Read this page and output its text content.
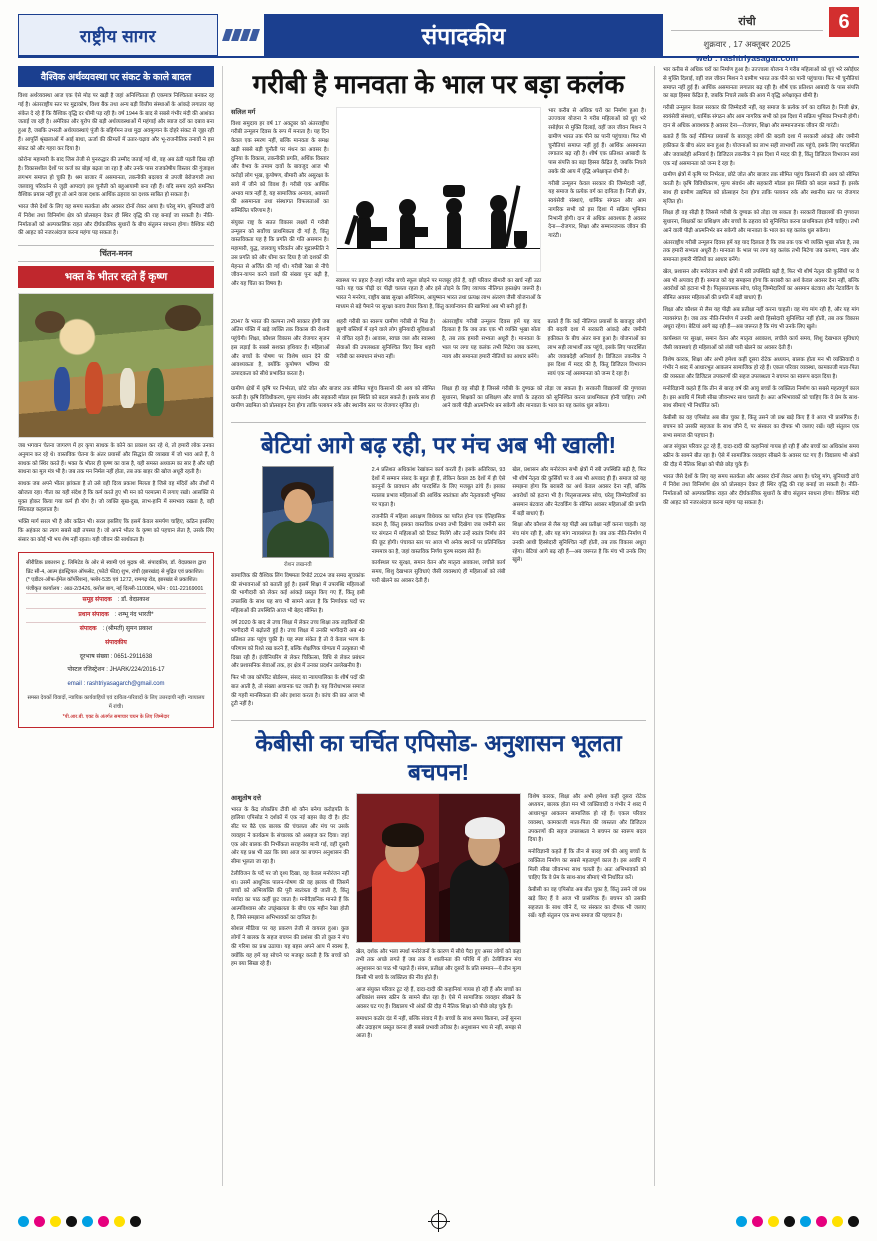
राष्ट्रीय सागर	संपादकीय
रांची	6
शुक्रवार , 17 अक्तूबर 2025
web : rashtriyasagar.com
वैश्विक अर्थव्यवस्था पर संकट के काले बादल

विश्व अर्थव्यवस्था आज एक ऐसे मोड़ पर खड़ी है जहां अनिश्चितता ही एकमात्र निश्चितता बनकर रह गई है। अंतरराष्ट्रीय स्तर पर मुद्राकोष, विश्व बैंक तथा अन्य बड़ी वित्तीय संस्थाओं के आंकड़े लगातार यह संकेत दे रहे हैं कि वैश्विक वृद्धि दर धीमी पड़ रही है। वर्ष 1944 के बाद से सबसे गंभीर मंदी की आशंका जताई जा रही है। अमेरिका और यूरोप की बड़ी अर्थव्यवस्थाओं में महंगाई और ब्याज दरों का दबाव बना हुआ है, जबकि उभरती अर्थव्यवस्थाएं पूंजी के बहिर्गमन तथा मुद्रा अवमूल्यन के दोहरे संकट से जूझ रही हैं। आपूर्ति श्रृंखलाओं में आई बाधा, ऊर्जा की कीमतों में उतार-चढ़ाव और भू-राजनीतिक तनावों ने इस संकट को और गहरा कर दिया है।

कोरोना महामारी के बाद जिस तेजी से पुनरुद्धार की उम्मीद जताई गई थी, वह अब ठंडी पड़ती दिख रही है। विकासशील देशों पर कर्ज का बोझ बढ़ता जा रहा है और उनके पास राजकोषीय विस्तार की गुंजाइश लगभग समाप्त हो चुकी है। श्रम बाजार में असमानता, तकनीकी बदलाव से उपजी बेरोजगारी तथा जलवायु परिवर्तन से जुड़ी आपदाएं इस चुनौती को बहुआयामी बना रही हैं। यदि समय रहते समन्वित वैश्विक प्रयास नहीं हुए तो आने वाला दशक आर्थिक ठहराव का दशक साबित हो सकता है।

भारत जैसे देशों के लिए यह समय सतर्कता और अवसर दोनों लेकर आया है। घरेलू मांग, बुनियादी ढांचे में निवेश तथा विनिर्माण क्षेत्र को प्रोत्साहन देकर ही स्थिर वृद्धि की राह बनाई जा सकती है। नीति-निर्माताओं को अल्पकालिक राहत और दीर्घकालिक सुधारों के बीच संतुलन साधना होगा। वैश्विक मंदी की आहट को नजरअंदाज करना महंगा पड़ सकता है।

चिंतन-मनन
भक्त के भीतर रहते हैं कृष्ण

जब भगवान चेतना जागरण में हर कृपा साधक के कोने का प्रकाश कर रहे थे, तो हमारी लोक उनका अनुमान कर रहे थे। वास्तविक चेतना के अंतर प्रयासों और सिद्धांत की व्याख्या में जो भाव आते हैं, वे साधक को स्थिर करते हैं। भक्त के भीतर ही कृष्ण का वास है, यही समस्त अध्यात्म का सार है और यही साधना का मूल मंत्र भी है। जब तक मन निर्मल नहीं होता, तब तक बाहर की खोज अधूरी रहती है।

साधक जब अपने भीतर झांकता है तो उसे वही दिव्य प्रकाश मिलता है जिसे वह मंदिरों और तीर्थों में खोजता रहा। गीता का यही संदेश है कि कर्म करते हुए भी मन को परमात्मा में लगाए रखो। आसक्ति से मुक्त होकर किया गया कर्म ही योग है। जो व्यक्ति सुख-दुख, लाभ-हानि में समभाव रखता है, वही स्थितप्रज्ञ कहलाता है।

भक्ति मार्ग सरल भी है और कठिन भी। सरल इसलिए कि इसमें केवल समर्पण चाहिए, कठिन इसलिए कि अहंकार का त्याग सबसे बड़ी तपस्या है। जो अपने भीतर के कृष्ण को पहचान लेता है, उसके लिए संसार का कोई भी भय शेष नहीं रहता। यही जीवन की सार्थकता है।

सीरीडिक प्रकाशन ट्र. लिमिटेड के ओर से स्वामी एवं मुद्रक श्री. संपादकीय, डॉ. वेदप्रकाश द्वारा प्रिंट सी-4, आत्म इंडस्ट्रियल ऑफसेट, (फोटो फीड) शुभ, रांची (झारखंड) से मुद्रित एवं प्रकाशित।
(* एडीटर-ऑफ-ईमेल कॉर्पोरेशन), फ्लोर-535 एवं 1272, रामगढ़ रोड, झारखंड से प्रकाशित।
पंजीकृत कार्यालय : आठ-2/3426, करोल बाग, नई दिल्ली-110084, फोन : 011-22169001
समूह संपादक : डॉ. वेदप्रकाश
प्रधान संपादक : शम्भू नंद भारती*
संपादक : (श्रीमती) सुमन प्रकाश
संपादकीय
दूरभाष संख्या : 0651-2911638
पोस्टल रजिस्ट्रेशन : JHARK/224/2016-17
email : rashtriyasagarch@gmail.com
समस्त देयकों विवादों, न्यायिक कार्यवाहियों एवं दायित्व-परिवादों के लिए उत्तरदायी नहीं। न्यायालय में रांची।
*पी.आर.बी. एक्ट के अंतर्गत समाचार चयन के लिए जिम्मेदार
गरीबी है मानवता के भाल पर बड़ा कलंक
सलिल मर्ग

विश्व समुदाय हर वर्ष 17 अक्टूबर को अंतरराष्ट्रीय गरीबी उन्मूलन दिवस के रूप में मनाता है। यह दिन केवल एक स्मरण नहीं, बल्कि मानवता के समक्ष खड़ी सबसे बड़ी चुनौती पर मंथन का अवसर है। दुनिया के विकास, तकनीकी प्रगति, अर्थिक विस्तार और वैभव के तमाम दावों के बावजूद आज भी करोड़ों लोग भूख, कुपोषण, बीमारी और असुरक्षा के साये में जीने को विवश हैं। गरीबी एक आर्थिक अभाव मात्र नहीं है, यह सामाजिक अन्याय, अवसरों की असमानता तथा संस्थागत विफलताओं का सम्मिलित परिणाम है।

संयुक्त राष्ट्र के सतत विकास लक्ष्यों में गरीबी उन्मूलन को सर्वोच्च प्राथमिकता दी गई है, किंतु वास्तविकता यह है कि प्रगति की गति असमान है। महामारी, युद्ध, जलवायु परिवर्तन और मुद्रास्फीति ने उस प्रगति को और धीमा कर दिया है जो दशकों की मेहनत से अर्जित की गई थी। गरीबी रेखा से नीचे जीवन-यापन करने वालों की संख्या पुनः बढ़ी है, और यह चिंता का विषय है।

स्वास्थ्य पर प्रहार है-जहां गरीब बच्चे स्कूल छोड़ने पर मजबूर होते हैं, वहीं परिवार बीमारी का खर्च नहीं उठा पाते। यह चक्र पीढ़ी दर पीढ़ी चलता रहता है और इसे तोड़ने के लिए व्यापक नीतिगत हस्तक्षेप जरूरी है। भारत ने मनरेगा, राष्ट्रीय खाद्य सुरक्षा अधिनियम, आयुष्मान भारत तथा प्रत्यक्ष लाभ अंतरण जैसी योजनाओं के माध्यम से बड़े पैमाने पर सुरक्षा कवच तैयार किया है, किंतु कार्यान्वयन की खामियां अब भी बनी हुई हैं।

भार करीब से अधिक घरों का निर्माण हुआ है। उज्ज्वला योजना ने गरीब महिलाओं को धुएं भरे रसोईघर से मुक्ति दिलाई, वहीं जल जीवन मिशन ने ग्रामीण भारत तक पीने का पानी पहुंचाया। फिर भी चुनौतियां समाप्त नहीं हुई हैं। आर्थिक असमानता लगातार बढ़ रही है। शीर्ष एक प्रतिशत आबादी के पास संपत्ति का बड़ा हिस्सा केंद्रित है, जबकि निचले तबके की आय में वृद्धि अपेक्षाकृत धीमी है।

गरीबी उन्मूलन केवल सरकार की जिम्मेदारी नहीं, यह समाज के प्रत्येक वर्ग का दायित्व है। निजी क्षेत्र, स्वयंसेवी संस्थाएं, धार्मिक संगठन और आम नागरिक सभी को इस दिशा में सक्रिय भूमिका निभानी होगी। दान से अधिक आवश्यक है अवसर देना—रोजगार, शिक्षा और सम्मानजनक जीवन की गारंटी।

2047 के भारत की कल्पना तभी साकार होगी जब अंतिम पंक्ति में खड़े व्यक्ति तक विकास की रोशनी पहुंचेगी। शिक्षा, कौशल विकास और रोजगार सृजन इस लड़ाई के सबसे सशक्त हथियार हैं। महिलाओं और बच्चों के पोषण पर विशेष ध्यान देने की आवश्यकता है, क्योंकि कुपोषण भविष्य की उत्पादकता को सीधे प्रभावित करता है।

शहरी गरीबी का स्वरूप ग्रामीण गरीबी से भिन्न है। झुग्गी बस्तियों में रहने वाले लोग बुनियादी सुविधाओं से वंचित रहते हैं। आवास, स्वच्छ जल और स्वास्थ्य सेवाओं की उपलब्धता सुनिश्चित किए बिना शहरी गरीबी का समाधान संभव नहीं।

अंतरराष्ट्रीय गरीबी उन्मूलन दिवस हमें यह याद दिलाता है कि जब तक एक भी व्यक्ति भूखा सोता है, तब तक हमारी सभ्यता अधूरी है। मानवता के भाल पर लगा यह कलंक तभी मिटेगा जब करुणा, न्याय और समानता हमारी नीतियों का आधार बनेंगे।

बताते हैं कि कई नीतिगत प्रयासों के बावजूद लोगों की बदली दशा में सरकारी आंकड़े और जमीनी हकीकत के बीच अंतर बना हुआ है। योजनाओं का लाभ सही लाभार्थी तक पहुंचे, इसके लिए पारदर्शिता और जवाबदेही अनिवार्य है। डिजिटल तकनीक ने इस दिशा में मदद की है, किंतु डिजिटल विभाजन स्वयं एक नई असमानता को जन्म दे रहा है।

ग्रामीण क्षेत्रों में कृषि पर निर्भरता, छोटे जोत और बाजार तक सीमित पहुंच किसानों की आय को सीमित करती है। कृषि विविधीकरण, मूल्य संवर्धन और सहकारी मॉडल इस स्थिति को बदल सकते हैं। इसके साथ ही ग्रामीण उद्यमिता को प्रोत्साहन देना होगा ताकि पलायन रुके और स्थानीय स्तर पर रोजगार सृजित हो।

शिक्षा ही वह सीढ़ी है जिससे गरीबी के दुष्चक्र को तोड़ा जा सकता है। सरकारी विद्यालयों की गुणवत्ता सुधारना, शिक्षकों का प्रशिक्षण और बच्चों के ठहराव को सुनिश्चित करना प्राथमिकता होनी चाहिए। तभी आने वाली पीढ़ी आत्मनिर्भर बन सकेगी और मानवता के भाल का यह कलंक धुल सकेगा।

बेटियां आगे बढ़ रही, पर मंच अब भी खाली!
रोशन लखनवी

सामाजिक की वैश्विक लिंग विषमता रिपोर्ट 2024 जब समग्र सूचकांक की संभावनाओं को बताती हुई है। इसमें शिक्षा में उपलब्धि महिलाओं की भागीदारी को लेकर कई आंकड़े प्रस्तुत किए गए हैं, किंतु इसी उपलब्धि के साथ यह सच भी सामने आता है कि निर्णायक पदों पर महिलाओं की उपस्थिति आज भी बेहद सीमित है।

वर्ष 2020 के बाद से उच्च शिक्षा में लेकर उच्च शिक्षा तक लड़कियों की भागीदारी में बढ़ोतरी हुई है। उच्च शिक्षा में उनकी भागीदारी अब 49 प्रतिशत तक पहुंच चुकी है। यह स्पष्ट संकेत है तो वे केवल भरण के परिणाम को रिश्ते रख करने हैं, बल्कि शैक्षणिक योग्यता में उत्कृष्टता भी दिखा रही हैं। इंजीनियरिंग से लेकर चिकित्सा, विधि से लेकर प्रबंधन और प्रशासनिक सेवाओं तक, हर क्षेत्र में उनका प्रदर्शन उल्लेखनीय है।

फिर भी जब कॉर्पोरेट बोर्डरूम, संसद या न्यायपालिका के शीर्ष पदों की बात आती है, तो संख्या अचानक घट जाती है। यह विरोधाभास समाज की गहरी मानसिकता की ओर इशारा करता है। कांच की छत आज भी टूटी नहीं है।

2.4 प्रतिशत अधिकांश रेखांकन कार्य करती हैं। इसके अतिरिक्त, 93 देशों में सम्मान संसद के बहुत ही हैं, लेकिन केवल 35 देशों में ही ऐसे कानूनों के प्रावधान और पारदर्शित के लिए मजबूत ढांचे हैं। इसका मतलब प्रभाव महिलाओं की आर्थिक स्वतंत्रता और नेतृत्वकारी भूमिका पर पड़ता है।

राजनीति में महिला आरक्षण विधेयक का पारित होना एक ऐतिहासिक कदम है, किंतु इसका वास्तविक प्रभाव तभी दिखेगा जब जमीनी स्तर पर संगठन में महिलाओं को टिकट मिलेंगे और उन्हें स्वतंत्र निर्णय लेने की छूट होगी। पंचायत स्तर पर आज भी अनेक स्थानों पर प्रतिनिधित्व नाममात्र का है, जहां वास्तविक निर्णय पुरुष सदस्य लेते हैं।

कार्यस्थल पर सुरक्षा, समान वेतन और मातृत्व अवकाश, लचीले कार्य समय, शिशु देखभाल सुविधाएं जैसी व्यवस्थाएं ही महिलाओं को लंबी पारी खेलने का अवसर देती हैं।

खेल, प्रशासन और मनोरंजन सभी क्षेत्रों में स्त्री उपस्थिति बढ़ी है, फिर भी शीर्ष नेतृत्व की कुर्सियों पर वे अब भी अपवाद ही हैं। समाज को यह समझना होगा कि बराबरी का अर्थ केवल अवसर देना नहीं, बल्कि अवरोधों को हटाना भी है। पितृसत्तात्मक सोच, घरेलू जिम्मेदारियों का असमान बंटवारा और नेटवर्किंग के सीमित अवसर महिलाओं की प्रगति में बड़ी बाधाएं हैं।

शिक्षा और कौशल से लैस यह पीढ़ी अब प्रतीक्षा नहीं करना चाहती। वह मंच मांग रही है, और यह मांग न्यायसंगत है। जब तक नीति-निर्माण में उनकी आधी हिस्सेदारी सुनिश्चित नहीं होती, तब तक विकास अधूरा रहेगा। बेटियां आगे बढ़ रही हैं—अब जरूरत है कि मंच भी उनके लिए खुले।

केबीसी का चर्चित एपिसोड- अनुशासन भूलता बचपन!
आशुतोष दत्ते

भारत के केंद्र लोकप्रिय टीवी शो कौन बनेगा करोड़पति के हालिया एपिसोड ने दर्शकों में एक नई बहस छेड़ दी है। हॉट सीट पर बैठे एक बालक की चंचलता और मंच पर उसके व्यवहार ने कार्यक्रम के संचालक को असहज कर दिया। जहां एक ओर बालक की निर्भीकता सराहनीय मानी गई, वहीं दूसरी ओर यह प्रश्न भी उठा कि क्या आज का बचपन अनुशासन की सीमा भूलता जा रहा है।

टेलीविजन के पर्दे पर जो दृश्य दिखा, वह केवल मनोरंजन नहीं था। उसमें आधुनिक पालन-पोषण की वह झलक थी जिसमें बच्चों को अभिव्यक्ति की पूरी स्वतंत्रता दी जाती है, किंतु मर्यादा का पाठ कहीं छूट जाता है। मनोवैज्ञानिक मानते हैं कि आत्मविश्वास और उच्छृंखलता के बीच एक महीन रेखा होती है, जिसे समझाना अभिभावकों का दायित्व है।

सोशल मीडिया पर यह प्रकरण तेजी से वायरल हुआ। कुछ लोगों ने बालक के सहज बचपन की प्रशंसा की तो कुछ ने मंच की गरिमा का प्रश्न उठाया। यह बहस अपने आप में स्वस्थ है, क्योंकि यह हमें यह सोचने पर मजबूर करती है कि बच्चों को हम क्या सिखा रहे हैं।

खेल, दर्शक और भला स्पर्धा मनोरंजनों के कारण में सीधे पैदा हुए असर लोगों को कहा तभी तक अच्छे लगते हैं जब तक वे शालीनता की परिधि में हों। टेलीविजन मंच अनुशासन का पाठ भी पढ़ाते हैं। संयम, प्रतीक्षा और दूसरों के प्रति सम्मान—ये तीन मूल्य किसी भी बच्चे के व्यक्तित्व की नींव होते हैं।

आज संयुक्त परिवार टूट रहे हैं, दादा-दादी की कहानियां गायब हो रही हैं और बच्चों का अधिकांश समय स्क्रीन के सामने बीत रहा है। ऐसे में सामाजिक व्यवहार सीखने के अवसर घट गए हैं। विद्यालय भी अंकों की दौड़ में नैतिक शिक्षा को पीछे छोड़ चुके हैं।

समाधान कठोर दंड में नहीं, बल्कि संवाद में है। बच्चों के साथ समय बिताना, उन्हें सुनना और उदाहरण प्रस्तुत करना ही सबसे प्रभावी तरीका है। अनुशासन भय से नहीं, समझ से आता है।

विशेष कारक, शिक्षा और अभी हमेशा कहीं दूसरा रोटेक अध्ययन, बालक होता मन भी व्यक्तिवादी व गंभीर ने शब्द में आधारभूत आकलन सामाजिक हो रहे हैं। एकल परिवार व्यवस्था, कामकाजी माता-पिता की व्यस्तता और डिजिटल उपकरणों की सहज उपलब्धता ने बचपन का स्वरूप बदल दिया है।

मनोविज्ञानी कहते हैं कि तीन से बारह वर्ष की आयु बच्चों के व्यक्तित्व निर्माण का सबसे महत्वपूर्ण काल है। इस अवधि में मिली सीख जीवनभर साथ चलती है। अतः अभिभावकों को चाहिए कि वे प्रेम के साथ-साथ सीमाएं भी निर्धारित करें।

केबीसी का वह एपिसोड अब बीत चुका है, किंतु उसने जो प्रश्न खड़े किए हैं वे आज भी प्रासंगिक हैं। बचपन को उसकी सहजता के साथ जीने दें, पर संस्कार का दीपक भी जलाए रखें। यही संतुलन एक सभ्य समाज की पहचान है।

भार करीब से अधिक घरों का निर्माण हुआ है। उज्ज्वला योजना ने गरीब महिलाओं को धुएं भरे रसोईघर से मुक्ति दिलाई, वहीं जल जीवन मिशन ने ग्रामीण भारत तक पीने का पानी पहुंचाया। फिर भी चुनौतियां समाप्त नहीं हुई हैं। आर्थिक असमानता लगातार बढ़ रही है। शीर्ष एक प्रतिशत आबादी के पास संपत्ति का बड़ा हिस्सा केंद्रित है, जबकि निचले तबके की आय में वृद्धि अपेक्षाकृत धीमी है।

गरीबी उन्मूलन केवल सरकार की जिम्मेदारी नहीं, यह समाज के प्रत्येक वर्ग का दायित्व है। निजी क्षेत्र, स्वयंसेवी संस्थाएं, धार्मिक संगठन और आम नागरिक सभी को इस दिशा में सक्रिय भूमिका निभानी होगी। दान से अधिक आवश्यक है अवसर देना—रोजगार, शिक्षा और सम्मानजनक जीवन की गारंटी।

बताते हैं कि कई नीतिगत प्रयासों के बावजूद लोगों की बदली दशा में सरकारी आंकड़े और जमीनी हकीकत के बीच अंतर बना हुआ है। योजनाओं का लाभ सही लाभार्थी तक पहुंचे, इसके लिए पारदर्शिता और जवाबदेही अनिवार्य है। डिजिटल तकनीक ने इस दिशा में मदद की है, किंतु डिजिटल विभाजन स्वयं एक नई असमानता को जन्म दे रहा है।

ग्रामीण क्षेत्रों में कृषि पर निर्भरता, छोटे जोत और बाजार तक सीमित पहुंच किसानों की आय को सीमित करती है। कृषि विविधीकरण, मूल्य संवर्धन और सहकारी मॉडल इस स्थिति को बदल सकते हैं। इसके साथ ही ग्रामीण उद्यमिता को प्रोत्साहन देना होगा ताकि पलायन रुके और स्थानीय स्तर पर रोजगार सृजित हो।

शिक्षा ही वह सीढ़ी है जिससे गरीबी के दुष्चक्र को तोड़ा जा सकता है। सरकारी विद्यालयों की गुणवत्ता सुधारना, शिक्षकों का प्रशिक्षण और बच्चों के ठहराव को सुनिश्चित करना प्राथमिकता होनी चाहिए। तभी आने वाली पीढ़ी आत्मनिर्भर बन सकेगी और मानवता के भाल का यह कलंक धुल सकेगा।

अंतरराष्ट्रीय गरीबी उन्मूलन दिवस हमें यह याद दिलाता है कि जब तक एक भी व्यक्ति भूखा सोता है, तब तक हमारी सभ्यता अधूरी है। मानवता के भाल पर लगा यह कलंक तभी मिटेगा जब करुणा, न्याय और समानता हमारी नीतियों का आधार बनेंगे।

खेल, प्रशासन और मनोरंजन सभी क्षेत्रों में स्त्री उपस्थिति बढ़ी है, फिर भी शीर्ष नेतृत्व की कुर्सियों पर वे अब भी अपवाद ही हैं। समाज को यह समझना होगा कि बराबरी का अर्थ केवल अवसर देना नहीं, बल्कि अवरोधों को हटाना भी है। पितृसत्तात्मक सोच, घरेलू जिम्मेदारियों का असमान बंटवारा और नेटवर्किंग के सीमित अवसर महिलाओं की प्रगति में बड़ी बाधाएं हैं।

शिक्षा और कौशल से लैस यह पीढ़ी अब प्रतीक्षा नहीं करना चाहती। वह मंच मांग रही है, और यह मांग न्यायसंगत है। जब तक नीति-निर्माण में उनकी आधी हिस्सेदारी सुनिश्चित नहीं होती, तब तक विकास अधूरा रहेगा। बेटियां आगे बढ़ रही हैं—अब जरूरत है कि मंच भी उनके लिए खुले।

कार्यस्थल पर सुरक्षा, समान वेतन और मातृत्व अवकाश, लचीले कार्य समय, शिशु देखभाल सुविधाएं जैसी व्यवस्थाएं ही महिलाओं को लंबी पारी खेलने का अवसर देती हैं।

विशेष कारक, शिक्षा और अभी हमेशा कहीं दूसरा रोटेक अध्ययन, बालक होता मन भी व्यक्तिवादी व गंभीर ने शब्द में आधारभूत आकलन सामाजिक हो रहे हैं। एकल परिवार व्यवस्था, कामकाजी माता-पिता की व्यस्तता और डिजिटल उपकरणों की सहज उपलब्धता ने बचपन का स्वरूप बदल दिया है।

मनोविज्ञानी कहते हैं कि तीन से बारह वर्ष की आयु बच्चों के व्यक्तित्व निर्माण का सबसे महत्वपूर्ण काल है। इस अवधि में मिली सीख जीवनभर साथ चलती है। अतः अभिभावकों को चाहिए कि वे प्रेम के साथ-साथ सीमाएं भी निर्धारित करें।

केबीसी का वह एपिसोड अब बीत चुका है, किंतु उसने जो प्रश्न खड़े किए हैं वे आज भी प्रासंगिक हैं। बचपन को उसकी सहजता के साथ जीने दें, पर संस्कार का दीपक भी जलाए रखें। यही संतुलन एक सभ्य समाज की पहचान है।

आज संयुक्त परिवार टूट रहे हैं, दादा-दादी की कहानियां गायब हो रही हैं और बच्चों का अधिकांश समय स्क्रीन के सामने बीत रहा है। ऐसे में सामाजिक व्यवहार सीखने के अवसर घट गए हैं। विद्यालय भी अंकों की दौड़ में नैतिक शिक्षा को पीछे छोड़ चुके हैं।

भारत जैसे देशों के लिए यह समय सतर्कता और अवसर दोनों लेकर आया है। घरेलू मांग, बुनियादी ढांचे में निवेश तथा विनिर्माण क्षेत्र को प्रोत्साहन देकर ही स्थिर वृद्धि की राह बनाई जा सकती है। नीति-निर्माताओं को अल्पकालिक राहत और दीर्घकालिक सुधारों के बीच संतुलन साधना होगा। वैश्विक मंदी की आहट को नजरअंदाज करना महंगा पड़ सकता है।
